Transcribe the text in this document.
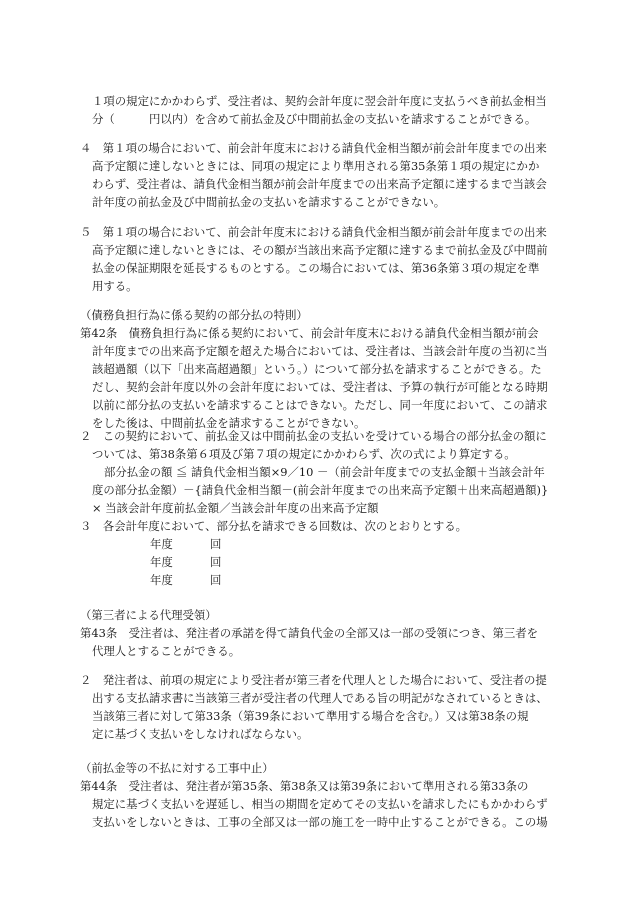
１項の規定にかかわらず、受注者は、契約会計年度に翌会計年度に支払うべき前払金相当
分（　　　円以内）を含めて前払金及び中間前払金の支払いを請求することができる。
４　第１項の場合において、前会計年度末における請負代金相当額が前会計年度までの出来
高予定額に達しないときには、同項の規定により準用される第35条第１項の規定にかか
わらず、受注者は、請負代金相当額が前会計年度までの出来高予定額に達するまで当該会
計年度の前払金及び中間前払金の支払いを請求することができない。
５　第１項の場合において、前会計年度末における請負代金相当額が前会計年度までの出来
高予定額に達しないときには、その額が当該出来高予定額に達するまで前払金及び中間前
払金の保証期限を延長するものとする。この場合においては、第36条第３項の規定を準
用する。
（債務負担行為に係る契約の部分払の特則）
第42条　債務負担行為に係る契約において、前会計年度末における請負代金相当額が前会
計年度までの出来高予定額を超えた場合においては、受注者は、当該会計年度の当初に当
該超過額（以下「出来高超過額」という。）について部分払を請求することができる。た
だし、契約会計年度以外の会計年度においては、受注者は、予算の執行が可能となる時期
以前に部分払の支払いを請求することはできない。ただし、同一年度において、この請求
をした後は、中間前払金を請求することができない。
２　この契約において、前払金又は中間前払金の支払いを受けている場合の部分払金の額に
ついては、第38条第６項及び第７項の規定にかかわらず、次の式により算定する。
部分払金の額 ≦ 請負代金相当額×9／10 －（前会計年度までの支払金額＋当該会計年
度の部分払金額）－{請負代金相当額－(前会計年度までの出来高予定額＋出来高超過額)}
× 当該会計年度前払金額／当該会計年度の出来高予定額
３　各会計年度において、部分払を請求できる回数は、次のとおりとする。
年度	回
年度	回
年度	回
（第三者による代理受領）
第43条　受注者は、発注者の承諾を得て請負代金の全部又は一部の受領につき、第三者を
代理人とすることができる。
２　発注者は、前項の規定により受注者が第三者を代理人とした場合において、受注者の提
出する支払請求書に当該第三者が受注者の代理人である旨の明記がなされているときは、
当該第三者に対して第33条（第39条において準用する場合を含む。）又は第38条の規
定に基づく支払いをしなければならない。
（前払金等の不払に対する工事中止）
第44条　受注者は、発注者が第35条、第38条又は第39条において準用される第33条の
規定に基づく支払いを遅延し、相当の期間を定めてその支払いを請求したにもかかわらず
支払いをしないときは、工事の全部又は一部の施工を一時中止することができる。この場
